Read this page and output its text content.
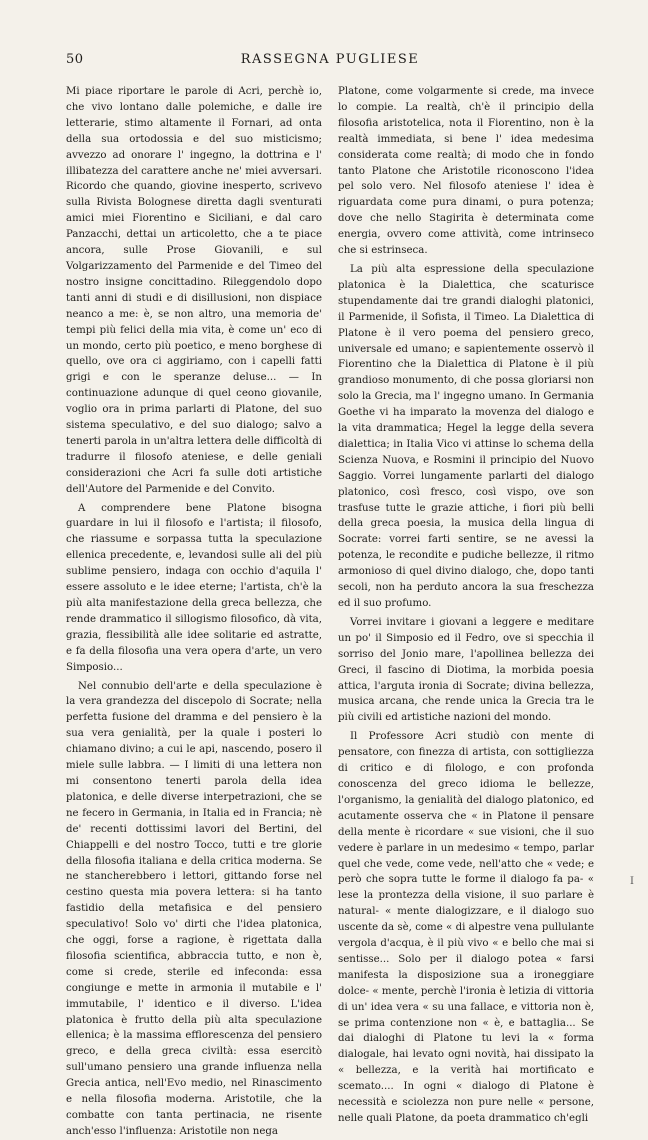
50	RASSEGNA PUGLIESE

Mi piace riportare le parole di Acri, perchè io, che vivo lontano dalle polemiche, e dalle ire letterarie, stimo altamente il Fornari, ad onta della sua ortodossia e del suo misticismo; avvezzo ad onorare l' ingegno, la dottrina e l' illibatezza del carattere anche ne' miei avversari. Ricordo che quando, giovine inesperto, scrivevo sulla Rivista Bolognese diretta dagli sventurati amici miei Fiorentino e Siciliani, e dal caro Panzacchi, dettai un articoletto, che a te piace ancora, sulle Prose Giovanili, e sul Volgarizzamento del Parmenide e del Timeo del nostro insigne concittadino. Rileggendolo dopo tanti anni di studi e di disillusioni, non dispiace neanco a me: è, se non altro, una memoria de' tempi più felici della mia vita, è come un' eco di un mondo, certo più poetico, e meno borghese di quello, ove ora ci aggiriamo, con i capelli fatti grigi e con le speranze deluse... — In continuazione adunque di quel ceono giovanile, voglio ora in prima parlarti di Platone, del suo sistema speculativo, e del suo dialogo; salvo a tenerti parola in un'altra lettera delle difficoltà di tradurre il filosofo ateniese, e delle geniali considerazioni che Acri fa sulle doti artistiche dell'Autore del Parmenide e del Convito.

A comprendere bene Platone bisogna guardare in lui il filosofo e l'artista; il filosofo, che riassume e sorpassa tutta la speculazione ellenica precedente, e, levandosi sulle ali del più sublime pensiero, indaga con occhio d'aquila l' essere assoluto e le idee eterne; l'artista, ch'è la più alta manifestazione della greca bellezza, che rende drammatico il sillogismo filosofico, dà vita, grazia, flessibilità alle idee solitarie ed astratte, e fa della filosofia una vera opera d'arte, un vero Simposio...

Nel connubio dell'arte e della speculazione è la vera grandezza del discepolo di Socrate; nella perfetta fusione del dramma e del pensiero è la sua vera genialità, per la quale i posteri lo chiamano divino; a cui le api, nascendo, posero il miele sulle labbra. — I limiti di una lettera non mi consentono tenerti parola della idea platonica, e delle diverse interpetrazioni, che se ne fecero in Germania, in Italia ed in Francia; nè de' recenti dottissimi lavori del Bertini, del Chiappelli e del nostro Tocco, tutti e tre glorie della filosofia italiana e della critica moderna. Se ne stancherebbero i lettori, gittando forse nel cestino questa mia povera lettera: si ha tanto fastidio della metafisica e del pensiero speculativo! Solo vo' dirti che l'idea platonica, che oggi, forse a ragione, è rigettata dalla filosofia scientifica, abbraccia tutto, e non è, come si crede, sterile ed infeconda: essa congiunge e mette in armonia il mutabile e l' immutabile, l' identico e il diverso. L'idea platonica è frutto della più alta speculazione ellenica; è la massima efflorescenza del pensiero greco, e della greca civiltà: essa esercitò sull'umano pensiero una grande influenza nella Grecia antica, nell'Evo medio, nel Rinascimento e nella filosofia moderna. Aristotile, che la combatte con tanta pertinacia, ne risente anch'esso l'influenza: Aristotile non nega

Platone, come volgarmente si crede, ma invece lo compie. La realtà, ch'è il principio della filosofia aristotelica, nota il Fiorentino, non è la realtà immediata, si bene l' idea medesima considerata come realtà; di modo che in fondo tanto Platone che Aristotile riconoscono l'idea pel solo vero. Nel filosofo ateniese l' idea è riguardata come pura dinami, o pura potenza; dove che nello Stagirita è determinata come energia, ovvero come attività, come intrinseco che si estrinseca.

La più alta espressione della speculazione platonica è la Dialettica, che scaturisce stupendamente dai tre grandi dialoghi platonici, il Parmenide, il Sofista, il Timeo. La Dialettica di Platone è il vero poema del pensiero greco, universale ed umano; e sapientemente osservò il Fiorentino che la Dialettica di Platone è il più grandioso monumento, di che possa gloriarsi non solo la Grecia, ma l' ingegno umano. In Germania Goethe vi ha imparato la movenza del dialogo e la vita drammatica; Hegel la legge della severa dialettica; in Italia Vico vi attinse lo schema della Scienza Nuova, e Rosmini il principio del Nuovo Saggio. Vorrei lungamente parlarti del dialogo platonico, così fresco, così vispo, ove son trasfuse tutte le grazie attiche, i fiori più belli della greca poesia, la musica della lingua di Socrate: vorrei farti sentire, se ne avessi la potenza, le recondite e pudiche bellezze, il ritmo armonioso di quel divino dialogo, che, dopo tanti secoli, non ha perduto ancora la sua freschezza ed il suo profumo.

Vorrei invitare i giovani a leggere e meditare un po' il Simposio ed il Fedro, ove si specchia il sorriso del Jonio mare, l'apollinea bellezza dei Greci, il fascino di Diotima, la morbida poesia attica, l'arguta ironia di Socrate; divina bellezza, musica arcana, che rende unica la Grecia tra le più civili ed artistiche nazioni del mondo.

Il Professore Acri studiò con mente di pensatore, con finezza di artista, con sottigliezza di critico e di filologo, e con profonda conoscenza del greco idioma le bellezze, l'organismo, la genialità del dialogo platonico, ed acutamente osserva che « in Platone il pensare della mente è ricordare « sue visioni, che il suo vedere è parlare in un medesimo « tempo, parlar quel che vede, come vede, nell'atto che « vede; e però che sopra tutte le forme il dialogo fa pa- « lese la prontezza della visione, il suo parlare è natural- « mente dialogizzare, e il dialogo suo uscente da sè, come « di alpestre vena pullulante vergola d'acqua, è il più vivo « e bello che mai si sentisse... Solo per il dialogo potea « farsi manifesta la disposizione sua a ironeggiare dolce- « mente, perchè l'ironia è letizia di vittoria di un' idea vera « su una fallace, e vittoria non è, se prima contenzione non « è, e battaglia... Se dai dialoghi di Platone tu levi la « forma dialogale, hai levato ogni novità, hai dissipato la « bellezza, e la verità hai mortificato e scemato.... In ogni « dialogo di Platone è necessità e sciolezza non pure nelle « persone, nelle quali Platone, da poeta drammatico ch'egli

I
